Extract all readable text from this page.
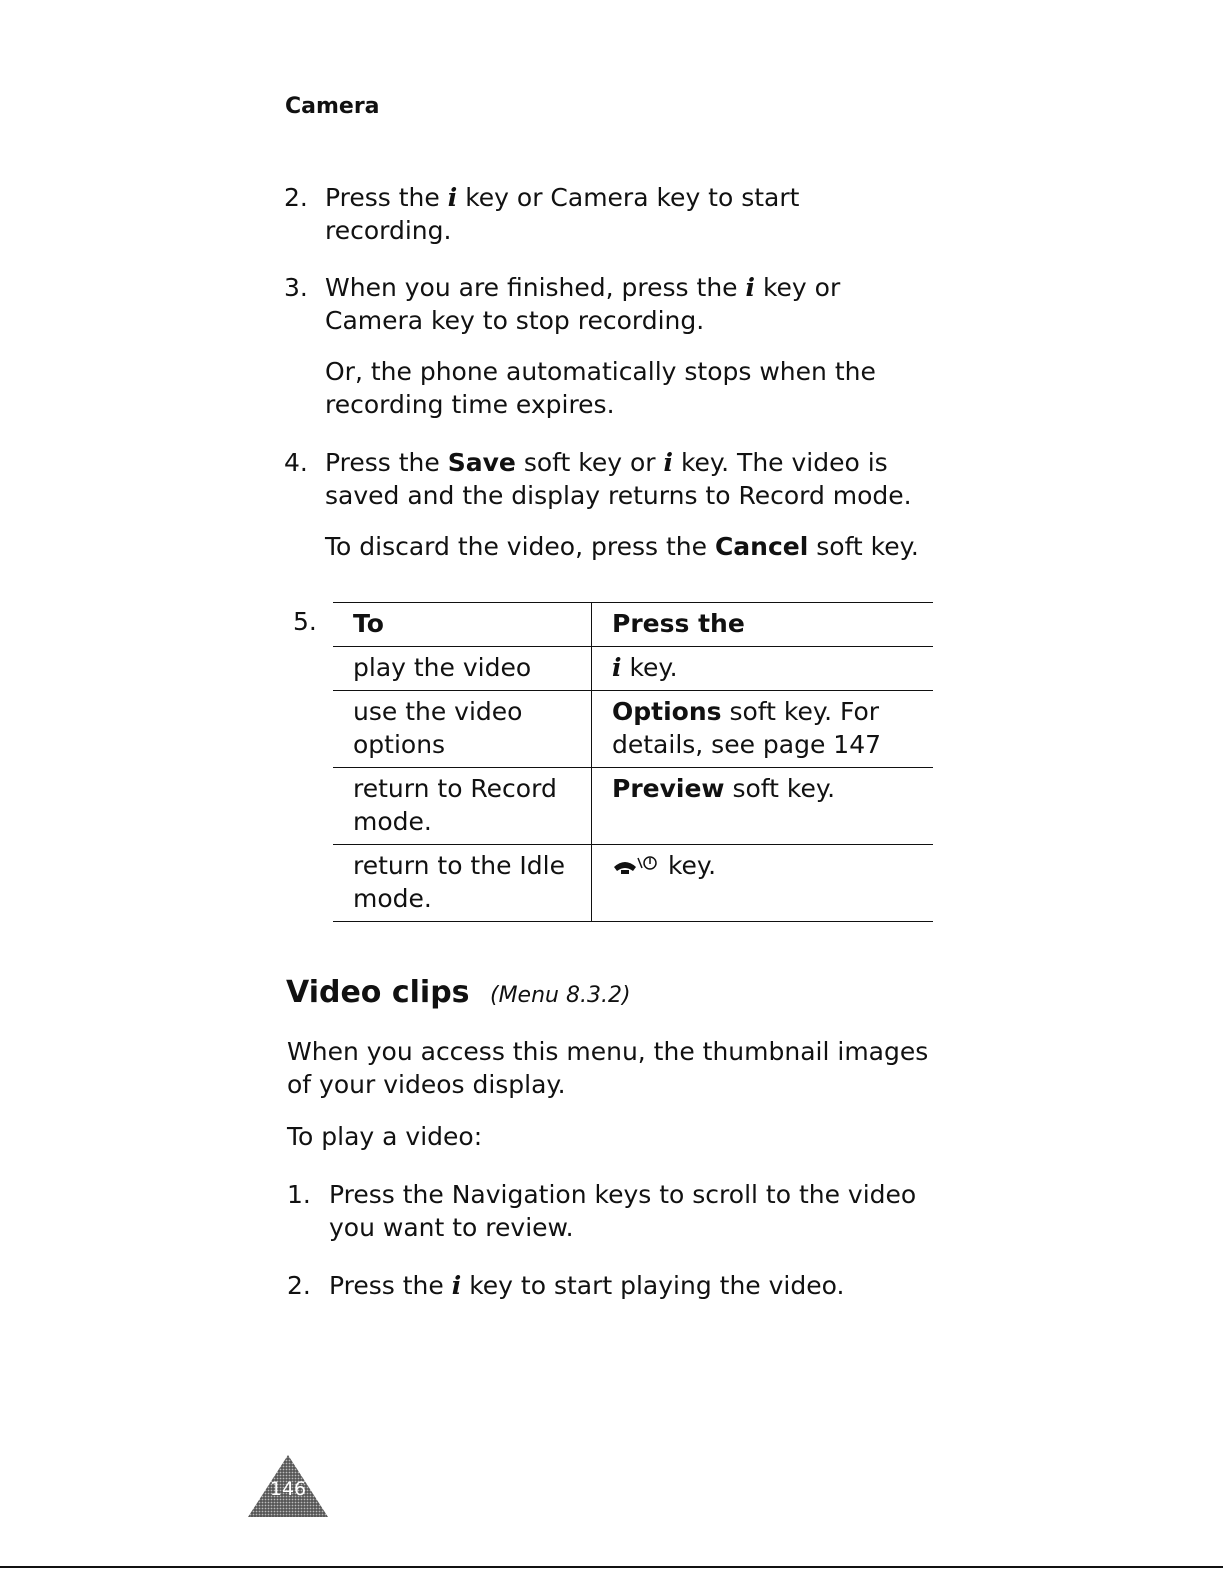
Camera
2. Press the i key or Camera key to start
recording.
3. When you are finished, press the i key or
Camera key to stop recording.
Or, the phone automatically stops when the
recording time expires.
4. Press the Save soft key or i key. The video is
saved and the display returns to Record mode.
To discard the video, press the Cancel soft key.
5.	To	Press the
play the video	i key.
use the video options	Options soft key. For details, see page 147
return to Record mode.	Preview soft key.
return to the Idle mode.	key.
Video clips (Menu 8.3.2)
When you access this menu, the thumbnail images
of your videos display.
To play a video:
1. Press the Navigation keys to scroll to the video
you want to review.
2. Press the i key to start playing the video.
146
